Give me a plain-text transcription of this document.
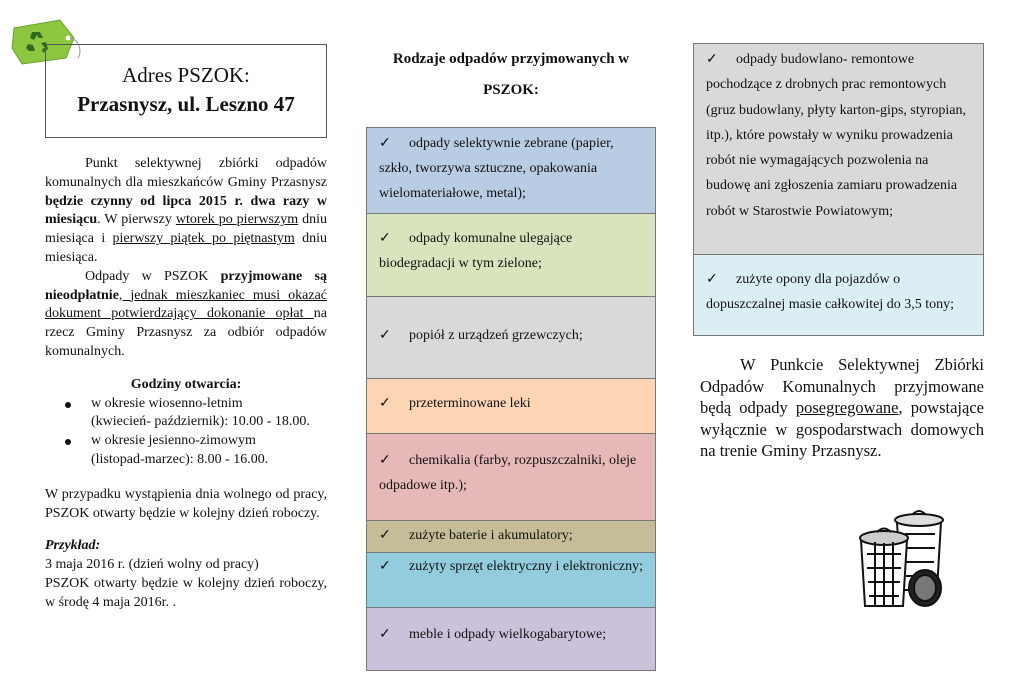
Adres PSZOK:
Przasnysz, ul. Leszno 47

Punkt selektywnej zbiórki odpadów komunalnych dla mieszkańców Gminy Przasnysz będzie czynny od lipca 2015 r. dwa razy w miesiącu. W pierwszy wtorek po pierwszym dniu miesiąca i pierwszy piątek po piętnastym dniu miesiąca.

Odpady w PSZOK przyjmowane są nieodpłatnie, jednak mieszkaniec musi okazać dokument potwierdzający dokonanie opłat na rzecz Gminy Przasnysz za odbiór odpadów komunalnych.

Godziny otwarcia:

w okresie wiosenno-letnim
(kwiecień- październik): 10.00 - 18.00.
w okresie jesienno-zimowym
(listopad-marzec): 8.00 - 16.00.

W przypadku wystąpienia dnia wolnego od pracy, PSZOK otwarty będzie w kolejny dzień roboczy.

Przykład:

3 maja 2016 r. (dzień wolny od pracy)

PSZOK otwarty będzie w kolejny dzień roboczy, w środę 4 maja 2016r. .

Rodzaje odpadów przyjmowanych w PSZOK:
✓ odpady selektywnie zebrane (papier, szkło, tworzywa sztuczne, opakowania wielomateriałowe, metal);
✓ odpady komunalne ulegające biodegradacji w tym zielone;
✓ popiół z urządzeń grzewczych;
✓ przeterminowane leki
✓ chemikalia (farby, rozpuszczalniki, oleje odpadowe itp.);
✓ zużyte baterie i akumulatory;
✓ zużyty sprzęt elektryczny i elektroniczny;
✓ meble i odpady wielkogabarytowe;
✓ odpady budowlano- remontowe pochodzące z drobnych prac remontowych (gruz budowlany, płyty karton-gips, styropian, itp.), które powstały w wyniku prowadzenia robót nie wymagających pozwolenia na budowę ani zgłoszenia zamiaru prowadzenia robót w Starostwie Powiatowym;
✓ zużyte opony dla pojazdów o dopuszczalnej masie całkowitej do 3,5 tony;

W Punkcie Selektywnej Zbiórki Odpadów Komunalnych przyjmowane będą odpady posegregowane, powstające wyłącznie w gospodarstwach domowych na trenie Gminy Przasnysz.
